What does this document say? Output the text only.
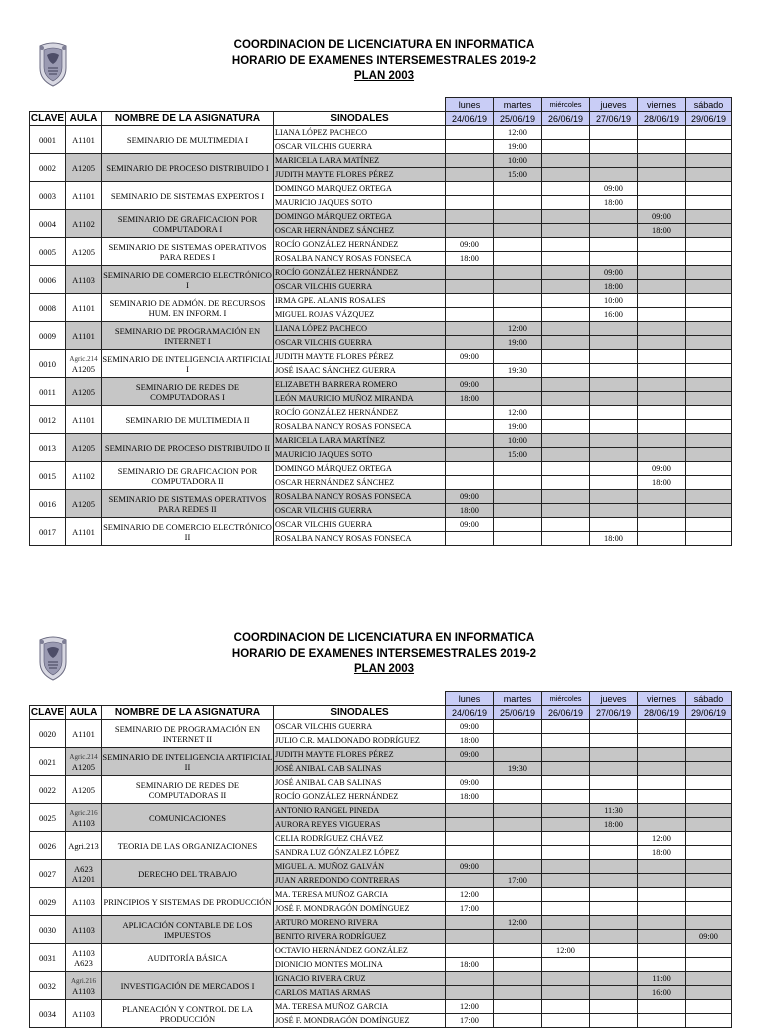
COORDINACION DE LICENCIATURA EN INFORMATICA
HORARIO DE EXAMENES INTERSEMESTRALES 2019-2
PLAN 2003
				lunes	martes	miércoles	jueves	viernes	sábado
CLAVE	AULA	NOMBRE DE LA ASIGNATURA	SINODALES	24/06/19	25/06/19	26/06/19	27/06/19	28/06/19	29/06/19
0001	A1101	SEMINARIO DE MULTIMEDIA I	LIANA LÓPEZ PACHECO		12:00				
			OSCAR VILCHIS GUERRA		19:00				
0002	A1205	SEMINARIO DE PROCESO DISTRIBUIDO I	MARICELA LARA MATÍNEZ		10:00				
			JUDITH MAYTE FLORES PÉREZ		15:00				
0003	A1101	SEMINARIO DE SISTEMAS EXPERTOS I	DOMINGO MARQUEZ ORTEGA				09:00		
			MAURICIO JAQUES SOTO				18:00		
0004	A1102	SEMINARIO DE GRAFICACION POR COMPUTADORA I	DOMINGO MÁRQUEZ ORTEGA					09:00	
			OSCAR HERNÁNDEZ SÁNCHEZ					18:00	
0005	A1205	SEMINARIO DE SISTEMAS OPERATIVOS PARA REDES I	ROCÍO GONZÁLEZ HERNÁNDEZ	09:00					
			ROSALBA NANCY ROSAS FONSECA	18:00					
0006	A1103	SEMINARIO DE COMERCIO ELECTRÓNICO I	ROCÍO GONZÁLEZ HERNÁNDEZ				09:00		
			OSCAR VILCHIS GUERRA				18:00		
0008	A1101	SEMINARIO DE ADMÓN. DE RECURSOS HUM. EN INFORM. I	IRMA GPE. ALANIS ROSALES				10:00		
			MIGUEL ROJAS VÁZQUEZ				16:00		
0009	A1101	SEMINARIO DE PROGRAMACIÓN EN INTERNET I	LIANA LÓPEZ PACHECO		12:00				
			OSCAR VILCHIS GUERRA		19:00				
0010	Agric.214
A1205	SEMINARIO DE INTELIGENCIA ARTIFICIAL I	JUDITH MAYTE FLORES PÉREZ	09:00					
			JOSÉ ISAAC SÁNCHEZ GUERRA		19:30				
0011	A1205	SEMINARIO DE REDES DE COMPUTADORAS I	ELIZABETH BARRERA ROMERO	09:00					
			LEÓN MAURICIO MUÑOZ MIRANDA	18:00					
0012	A1101	SEMINARIO DE MULTIMEDIA II	ROCÍO GONZÁLEZ HERNÁNDEZ		12:00				
			ROSALBA NANCY ROSAS FONSECA		19:00				
0013	A1205	SEMINARIO DE PROCESO DISTRIBUIDO II	MARICELA LARA MARTÍNEZ		10:00				
			MAURICIO JAQUES SOTO		15:00				
0015	A1102	SEMINARIO DE GRAFICACION POR COMPUTADORA II	DOMINGO MÁRQUEZ ORTEGA					09:00	
			OSCAR HERNÁNDEZ SÁNCHEZ					18:00	
0016	A1205	SEMINARIO DE SISTEMAS OPERATIVOS PARA REDES II	ROSALBA NANCY ROSAS FONSECA	09:00					
			OSCAR VILCHIS GUERRA	18:00					
0017	A1101	SEMINARIO DE COMERCIO ELECTRÓNICO II	OSCAR VILCHIS GUERRA	09:00					
			ROSALBA NANCY ROSAS FONSECA				18:00		
COORDINACION DE LICENCIATURA EN INFORMATICA
HORARIO DE EXAMENES INTERSEMESTRALES 2019-2
PLAN 2003
				lunes	martes	miércoles	jueves	viernes	sábado
CLAVE	AULA	NOMBRE DE LA ASIGNATURA	SINODALES	24/06/19	25/06/19	26/06/19	27/06/19	28/06/19	29/06/19
0020	A1101	SEMINARIO DE PROGRAMACIÓN EN INTERNET II	OSCAR VILCHIS GUERRA	09:00					
			JULIO C.R. MALDONADO RODRÍGUEZ	18:00					
0021	Agric.214
A1205	SEMINARIO DE INTELIGENCIA ARTIFICIAL II	JUDITH MAYTE FLORES PÉREZ	09:00					
			JOSÉ ANIBAL CAB SALINAS		19:30				
0022	A1205	SEMINARIO DE REDES DE COMPUTADORAS II	JOSÉ ANIBAL CAB SALINAS	09:00					
			ROCÍO GONZÁLEZ HERNÁNDEZ	18:00					
0025	Agric.216
A1103	COMUNICACIONES	ANTONIO RANGEL PINEDA				11:30		
			AURORA REYES VIGUERAS				18:00		
0026	Agri.213	TEORIA DE LAS ORGANIZACIONES	CELIA RODRÍGUEZ CHÁVEZ					12:00	
			SANDRA LUZ GÓNZALEZ LÓPEZ					18:00	
0027	A623
A1201	DERECHO DEL TRABAJO	MIGUEL A. MUÑOZ GALVÁN	09:00					
			JUAN ARREDONDO CONTRERAS		17:00				
0029	A1103	PRINCIPIOS Y SISTEMAS DE PRODUCCIÓN	MA. TERESA MUÑOZ GARCIA	12:00					
			JOSÉ F. MONDRAGÓN DOMÍNGUEZ	17:00					
0030	A1103	APLICACIÓN CONTABLE DE LOS IMPUESTOS	ARTURO MORENO RIVERA		12:00				
			BENITO RIVERA RODRÍGUEZ						09:00
0031	A1103
A623	AUDITORÍA BÁSICA	OCTAVIO HERNÁNDEZ GONZÁLEZ			12:00			
			DIONICIO MONTES MOLINA	18:00					
0032	Agri.216
A1103	INVESTIGACIÓN DE MERCADOS I	IGNACIO RIVERA CRUZ					11:00	
			CARLOS MATIAS ARMAS					16:00	
0034	A1103	PLANEACIÓN Y CONTROL DE LA PRODUCCIÓN	MA. TERESA MUÑOZ GARCIA	12:00					
			JOSÉ F. MONDRAGÓN DOMÍNGUEZ	17:00					
